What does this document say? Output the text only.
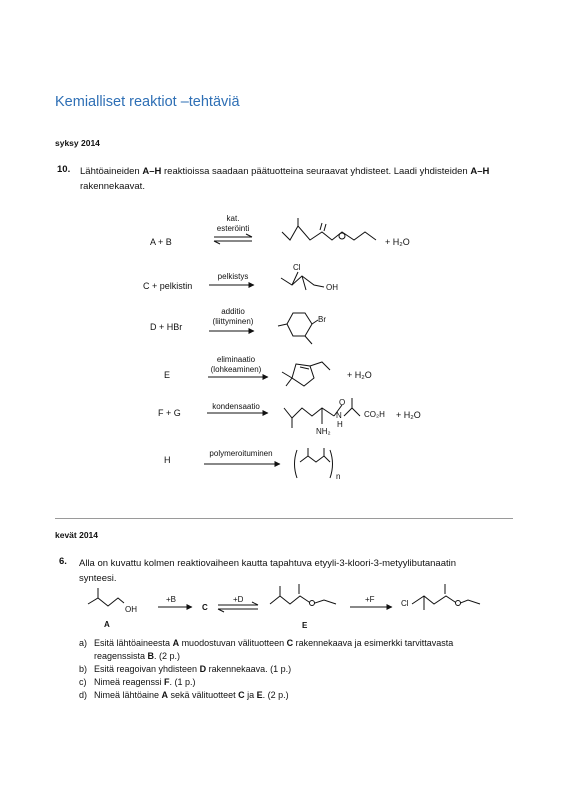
Kemialliset reaktiot –tehtäviä
syksy 2014
10. Lähtöaineiden A–H reaktioissa saadaan päätuotteina seuraavat yhdisteet. Laadi yhdisteiden A–H rakennekaavat.
A + B
C + pelkistin
D + HBr
E
F + G
H
kat.
esteröinti
pelkistys
additio
(liittyminen)
eliminaatio
(lohkeaminen)
kondensaatio
polymeroituminen
+ H₂O
Cl
OH
Br
+ H₂O
O
N
H
NH₂
CO₂H + H₂O
n
kevät 2014
6. Alla on kuvattu kolmen reaktiovaiheen kautta tapahtuva etyyli-3-kloori-3-metyylibutanaatin
synteesi.
OH
A
+B
C
+D
E
+F	Cl
a) Esitä lähtöaineesta A muodostuvan välituotteen C rakennekaava ja esimerkki tarvittavasta
reagenssista B. (2 p.)
b) Esitä reagoivan yhdisteen D rakennekaava. (1 p.)
c) Nimeä reagenssi F. (1 p.)
d) Nimeä lähtöaine A sekä välituotteet C ja E. (2 p.)
